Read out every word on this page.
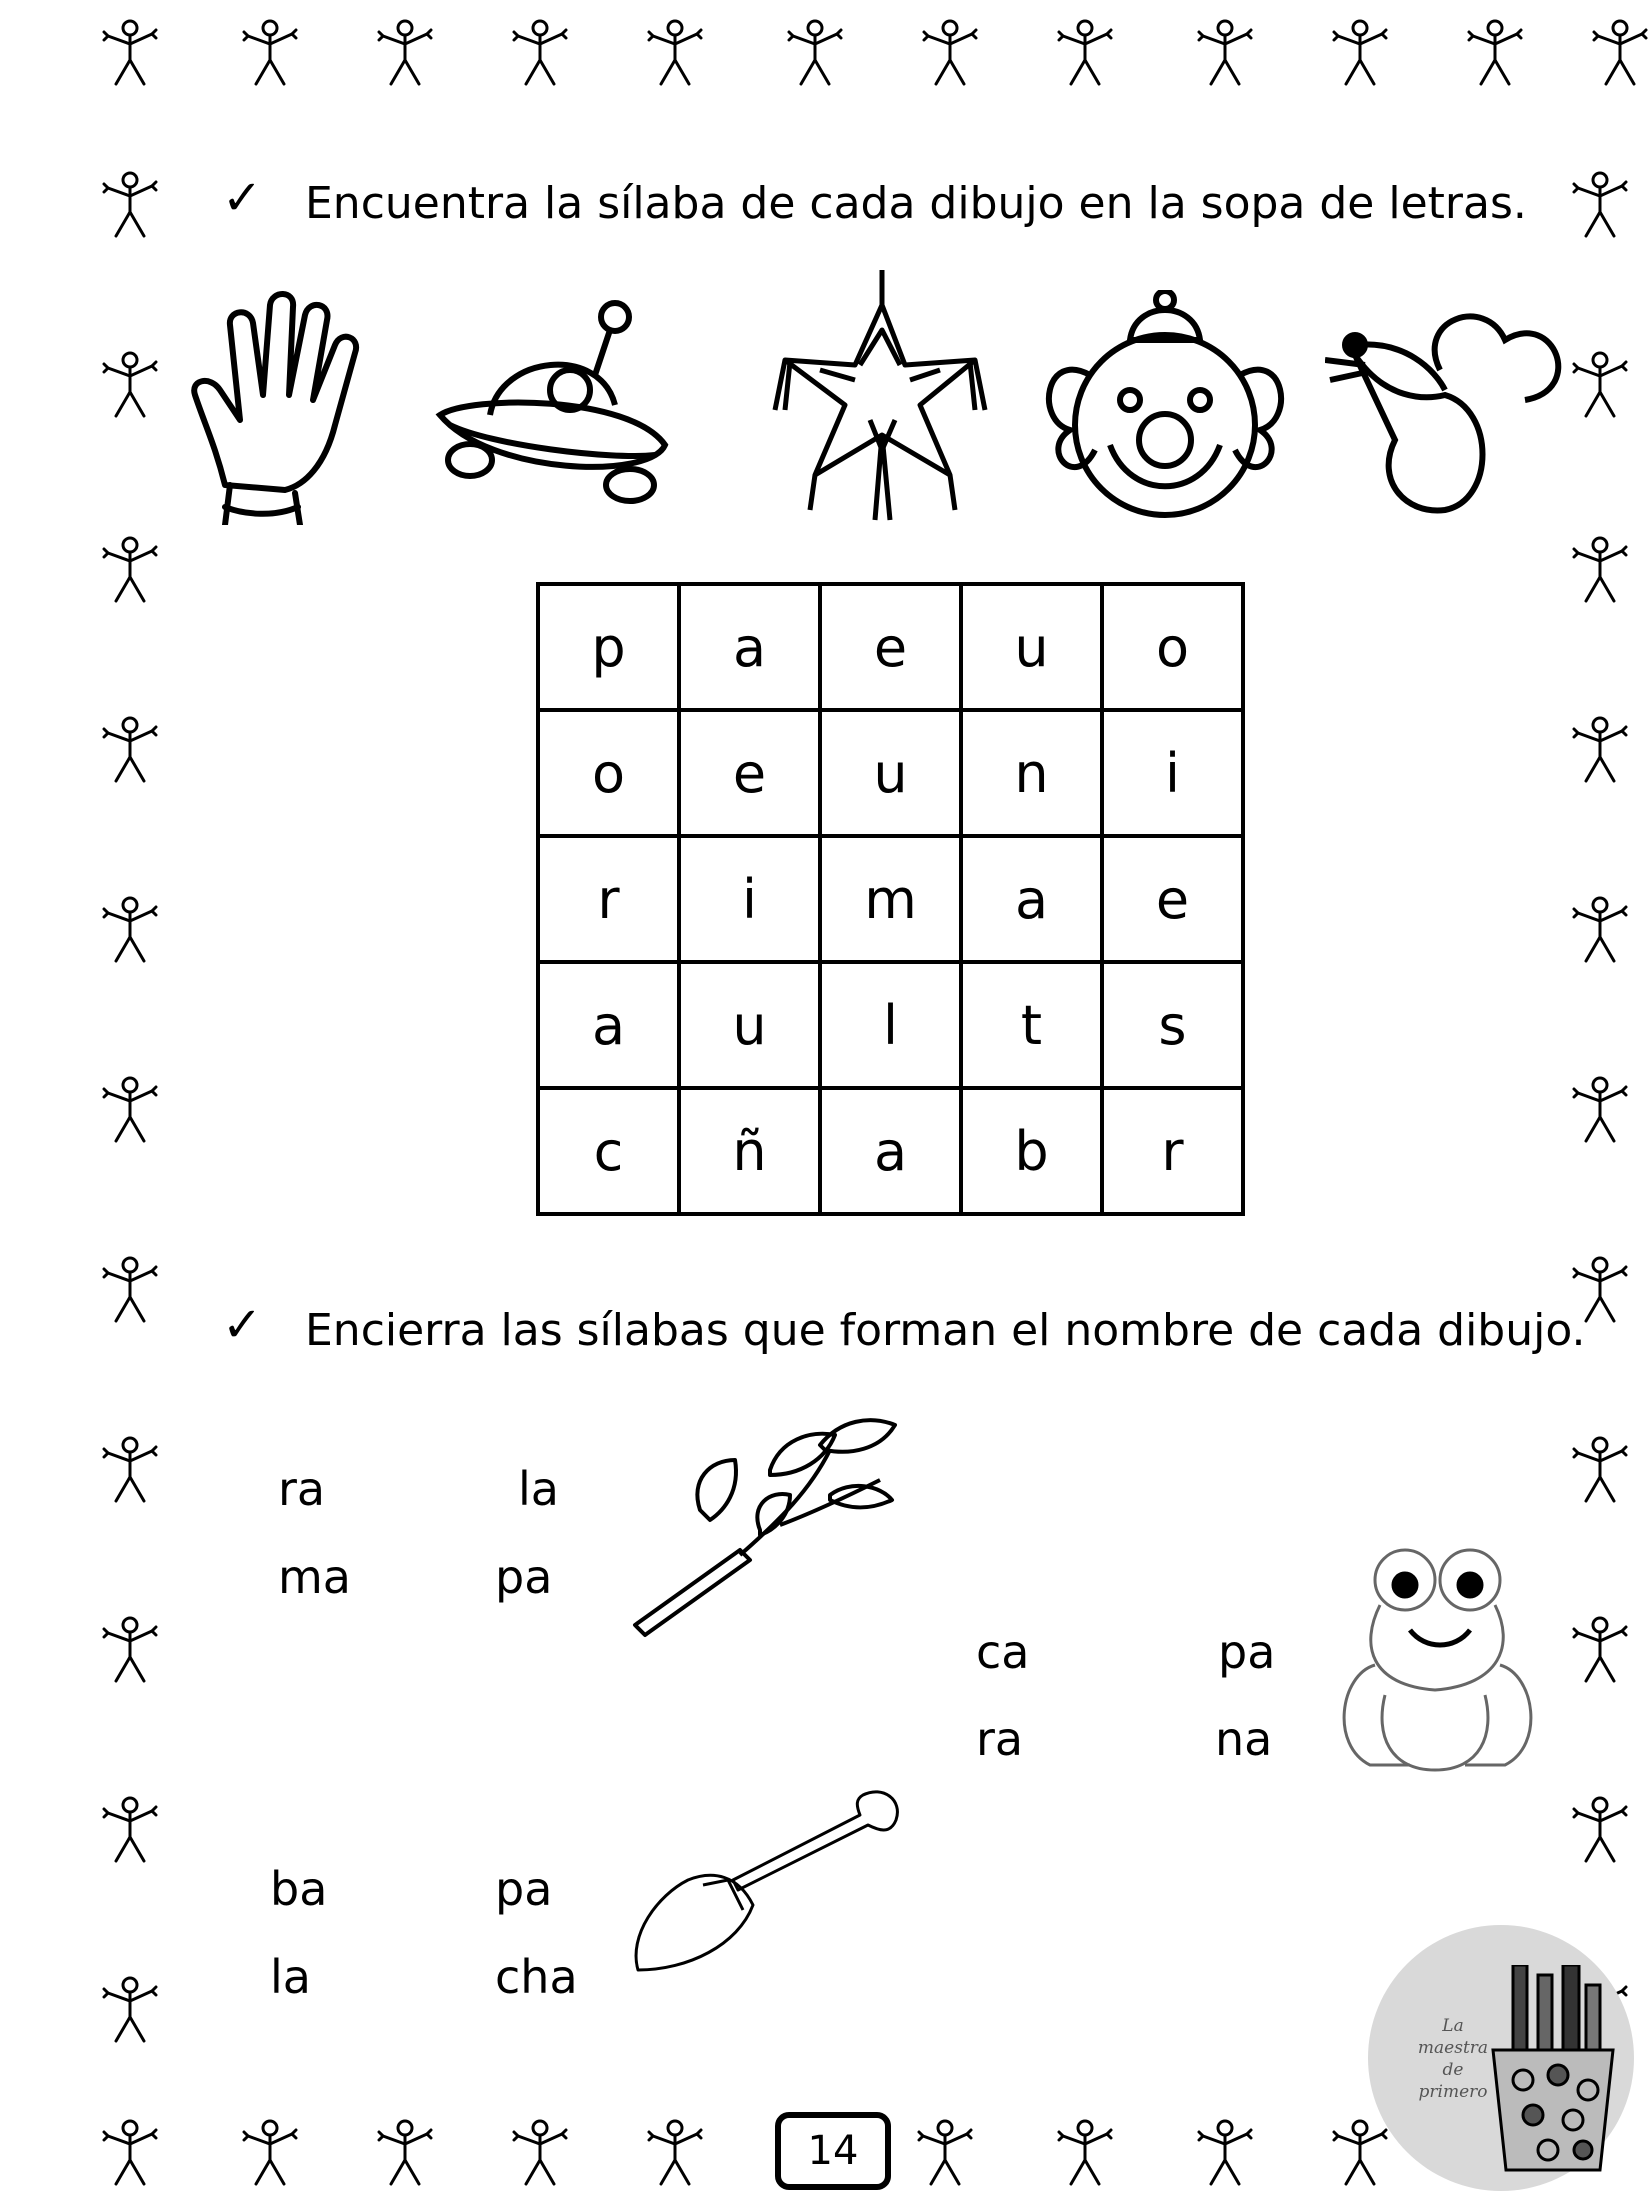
✓ Encuentra la sílaba de cada dibujo en la sopa de letras.
p	a	e	u	o
o	e	u	n	i
r	i	m	a	e
a	u	l	t	s
c	ñ	a	b	r
✓ Encierra las sílabas que forman el nombre de cada dibujo.
ra	la
ma	pa
ca	pa
ra	na
ba	pa
la	cha
14
La
maestra
de
primero
